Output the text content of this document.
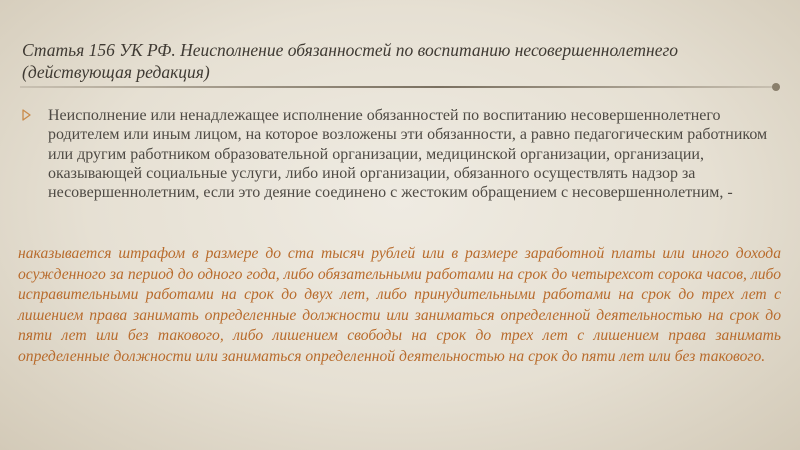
Статья 156 УК РФ. Неисполнение обязанностей по воспитанию несовершеннолетнего (действующая редакция)
Неисполнение или ненадлежащее исполнение обязанностей по воспитанию несовершеннолетнего родителем или иным лицом, на которое возложены эти обязанности, а равно педагогическим работником или другим работником образовательной организации, медицинской организации, организации, оказывающей социальные услуги, либо иной организации, обязанного осуществлять надзор за несовершеннолетним, если это деяние соединено с жестоким обращением с несовершеннолетним, -
наказывается штрафом в размере до ста тысяч рублей или в размере заработной платы или иного дохода осужденного за период до одного года, либо обязательными работами на срок до четырехсот сорока часов, либо исправительными работами на срок до двух лет, либо принудительными работами на срок до трех лет с лишением права занимать определенные должности или заниматься определенной деятельностью на срок до пяти лет или без такового, либо лишением свободы на срок до трех лет с лишением права занимать определенные должности или заниматься определенной деятельностью на срок до пяти лет или без такового.
